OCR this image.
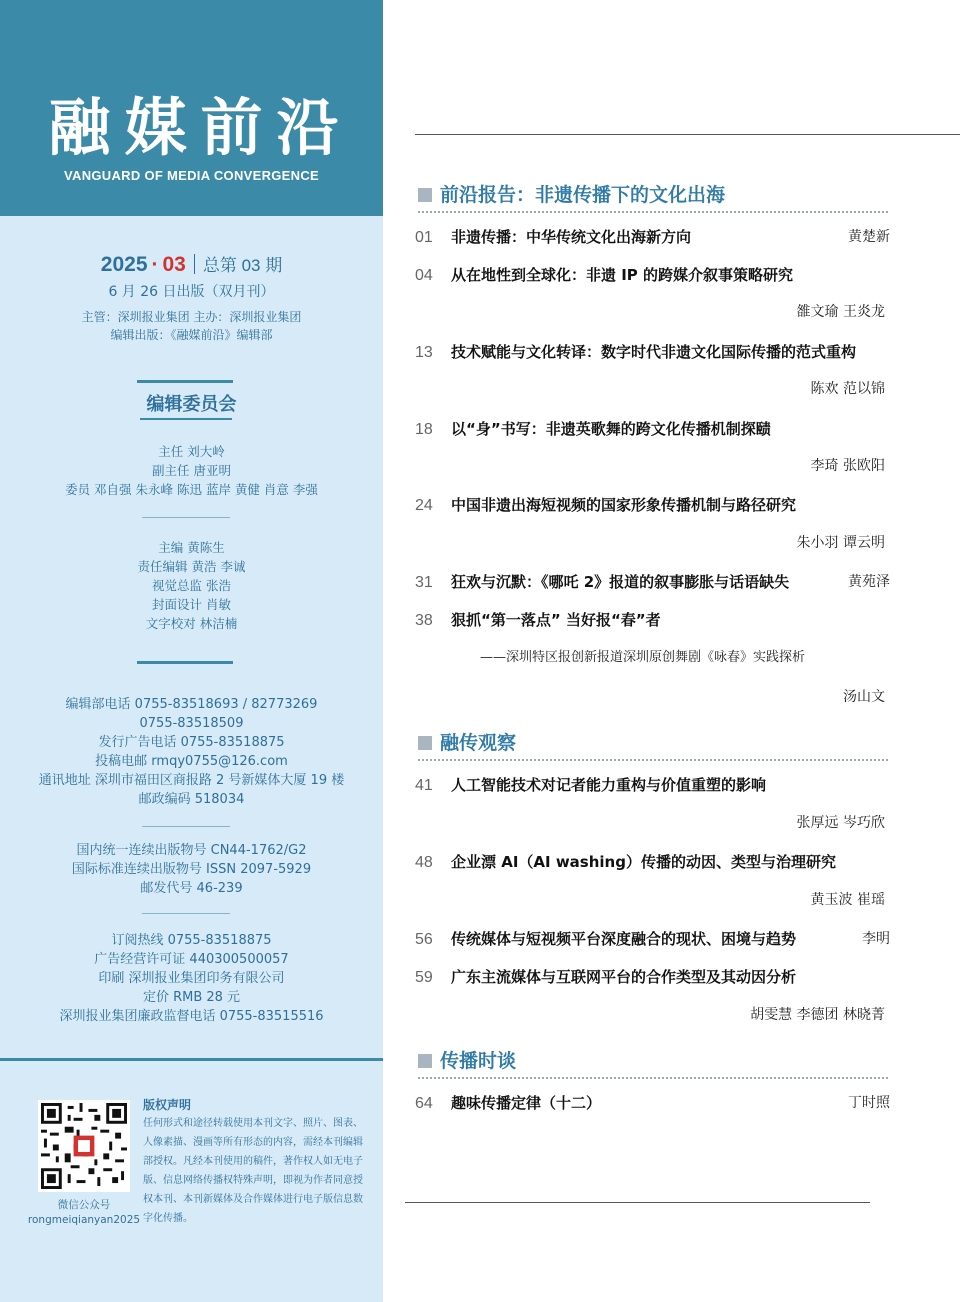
融媒前沿
VANGUARD OF MEDIA CONVERGENCE
2025 · 03 总第 03 期
6 月 26 日出版（双月刊）
主管：深圳报业集团 主办：深圳报业集团
编辑出版：《融媒前沿》编辑部
编辑委员会
主任 刘大岭
副主任 唐亚明
委员 邓自强 朱永峰 陈迅 蓝岸 黄健 肖意 李强
主编 黄陈生
责任编辑 黄浩 李诚
视觉总监 张浩
封面设计 肖敏
文字校对 林洁楠
编辑部电话 0755-83518693 / 82773269
0755-83518509
发行广告电话 0755-83518875
投稿电邮 rmqy0755@126.com
通讯地址 深圳市福田区商报路 2 号新媒体大厦 19 楼
邮政编码 518034
国内统一连续出版物号 CN44-1762/G2
国际标准连续出版物号 ISSN 2097-5929
邮发代号 46-239
订阅热线 0755-83518875
广告经营许可证 440300500057
印刷 深圳报业集团印务有限公司
定价 RMB 28 元
深圳报业集团廉政监督电话 0755-83515516
微信公众号
rongmeiqianyan2025
版权声明
任何形式和途径转载使用本刊文字、照片、图表、人像素描、漫画等所有形态的内容，需经本刊编辑部授权。凡经本刊使用的稿件，著作权人如无电子版、信息网络传播权特殊声明，即视为作者同意授权本刊、本刊新媒体及合作媒体进行电子版信息数字化传播。
前沿报告：非遗传播下的文化出海
01 非遗传播：中华传统文化出海新方向	黄楚新
04 从在地性到全球化：非遗 IP 的跨媒介叙事策略研究
雒文瑜 王炎龙
13 技术赋能与文化转译：数字时代非遗文化国际传播的范式重构
陈欢 范以锦
18 以“身”书写：非遗英歌舞的跨文化传播机制探赜
李琦 张欧阳
24 中国非遗出海短视频的国家形象传播机制与路径研究
朱小羽 谭云明
31 狂欢与沉默：《哪吒 2》报道的叙事膨胀与话语缺失	黄苑泽
38 狠抓“第一落点” 当好报“春”者
——深圳特区报创新报道深圳原创舞剧《咏春》实践探析
汤山文
融传观察
41 人工智能技术对记者能力重构与价值重塑的影响
张厚远 岑巧欣
48 企业漂 AI（AI washing）传播的动因、类型与治理研究
黄玉波 崔瑶
56 传统媒体与短视频平台深度融合的现状、困境与趋势	李明
59 广东主流媒体与互联网平台的合作类型及其动因分析
胡雯慧 李德团 林晓菁
传播时谈
64 趣味传播定律（十二）	丁时照
